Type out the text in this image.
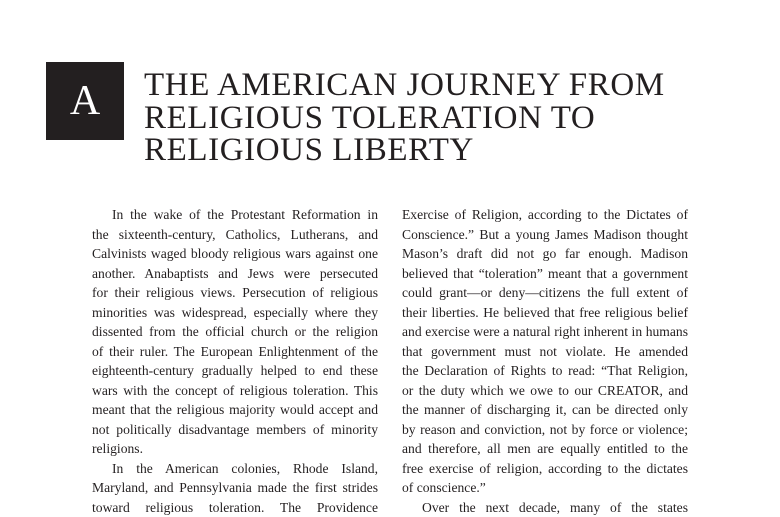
A	THE AMERICAN JOURNEY FROM
RELIGIOUS TOLERATION TO
RELIGIOUS LIBERTY
In the wake of the Protestant Reformation in
the sixteenth-century, Catholics, Lutherans, and
Calvinists waged bloody religious wars against one
another. Anabaptists and Jews were persecuted
for their religious views. Persecution of religious
minorities was widespread, especially where they
dissented from the official church or the religion
of their ruler. The European Enlightenment of the
eighteenth-century gradually helped to end these
wars with the concept of religious toleration. This
meant that the religious majority would accept and
not politically disadvantage members of minority
religions.
In the American colonies, Rhode Island,
Maryland, and Pennsylvania made the first strides
toward religious toleration. The Providence
Exercise of Religion, according to the Dictates of
Conscience.” But a young James Madison thought
Mason’s draft did not go far enough. Madison
believed that “toleration” meant that a government
could grant—or deny—citizens the full extent of
their liberties. He believed that free religious belief
and exercise were a natural right inherent in humans
that government must not violate. He amended
the Declaration of Rights to read: “That Religion,
or the duty which we owe to our CREATOR, and
the manner of discharging it, can be directed only
by reason and conviction, not by force or violence;
and therefore, all men are equally entitled to the
free exercise of religion, according to the dictates
of conscience.”
Over the next decade, many of the states
